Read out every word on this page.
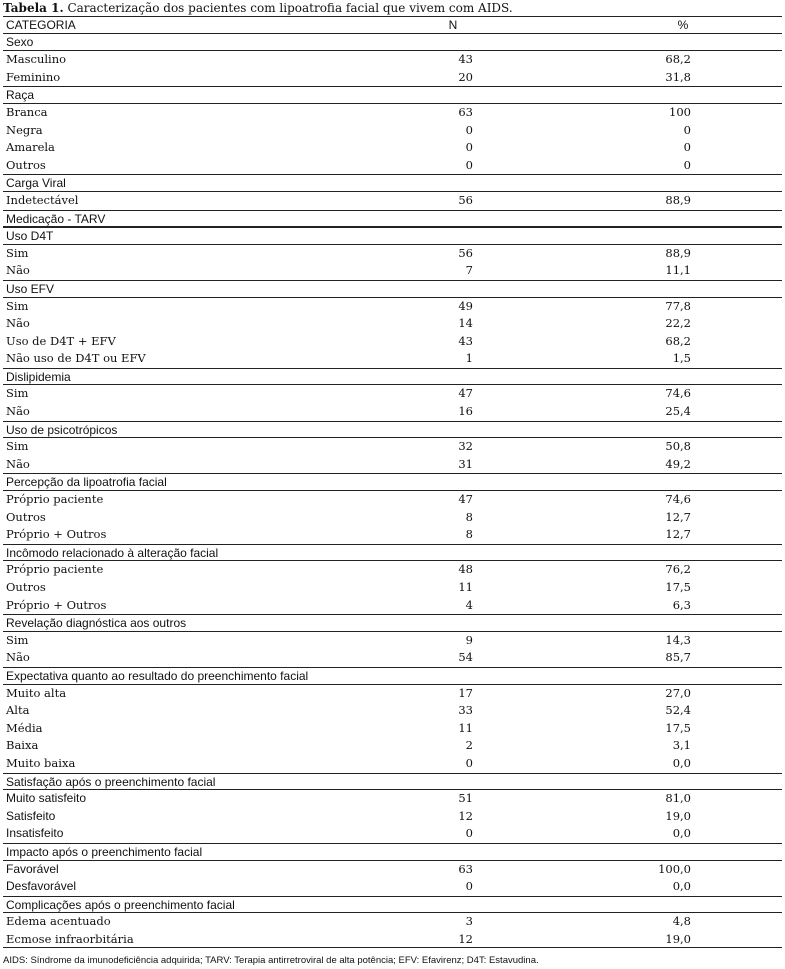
Tabela 1. Caracterização dos pacientes com lipoatrofia facial que vivem com AIDS.
CATEGORIA	N	%
Sexo
Masculino	43	68,2
Feminino	20	31,8
Raça
Branca	63	100
Negra	0	0
Amarela	0	0
Outros	0	0
Carga Viral
Indetectável	56	88,9
Medicação - TARV
Uso D4T
Sim	56	88,9
Não	7	11,1
Uso EFV
Sim	49	77,8
Não	14	22,2
Uso de D4T + EFV	43	68,2
Não uso de D4T ou EFV	1	1,5
Dislipidemia
Sim	47	74,6
Não	16	25,4
Uso de psicotrópicos
Sim	32	50,8
Não	31	49,2
Percepção da lipoatrofia facial
Próprio paciente	47	74,6
Outros	8	12,7
Próprio + Outros	8	12,7
Incômodo relacionado à alteração facial
Próprio paciente	48	76,2
Outros	11	17,5
Próprio + Outros	4	6,3
Revelação diagnóstica aos outros
Sim	9	14,3
Não	54	85,7
Expectativa quanto ao resultado do preenchimento facial
Muito alta	17	27,0
Alta	33	52,4
Média	11	17,5
Baixa	2	3,1
Muito baixa	0	0,0
Satisfação após o preenchimento facial
Muito satisfeito	51	81,0
Satisfeito	12	19,0
Insatisfeito	0	0,0
Impacto após o preenchimento facial
Favorável	63	100,0
Desfavorável	0	0,0
Complicações após o preenchimento facial
Edema acentuado	3	4,8
Ecmose infraorbitária	12	19,0
AIDS: Síndrome da imunodeficiência adquirida; TARV: Terapia antirretroviral de alta potência; EFV: Efavirenz; D4T: Estavudina.
